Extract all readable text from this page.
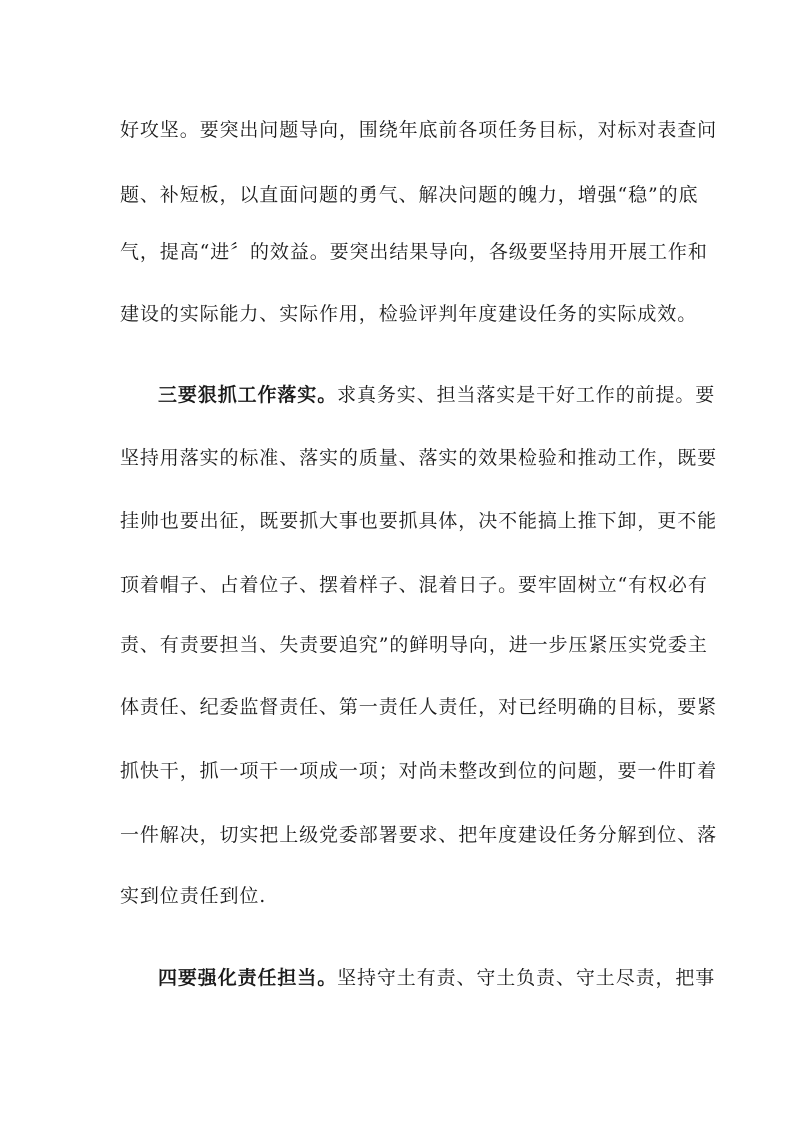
好攻坚。要突出问题导向，围绕年底前各项任务目标，对标对表查问
题、补短板，以直面问题的勇气、解决问题的魄力，增强“稳”的底
气，提高“进〞的效益。要突出结果导向，各级要坚持用开展工作和
建设的实际能力、实际作用，检验评判年度建设任务的实际成效。
三要狠抓工作落实。求真务实、担当落实是干好工作的前提。要
坚持用落实的标准、落实的质量、落实的效果检验和推动工作，既要
挂帅也要出征，既要抓大事也要抓具体，决不能搞上推下卸，更不能
顶着帽子、占着位子、摆着样子、混着日子。要牢固树立“有权必有
责、有责要担当、失责要追究”的鲜明导向，进一步压紧压实党委主
体责任、纪委监督责任、第一责任人责任，对已经明确的目标，要紧
抓快干，抓一项干一项成一项；对尚未整改到位的问题，要一件盯着
一件解决，切实把上级党委部署要求、把年度建设任务分解到位、落
实到位责任到位.
四要强化责任担当。坚持守土有责、守土负责、守土尽责，把事
